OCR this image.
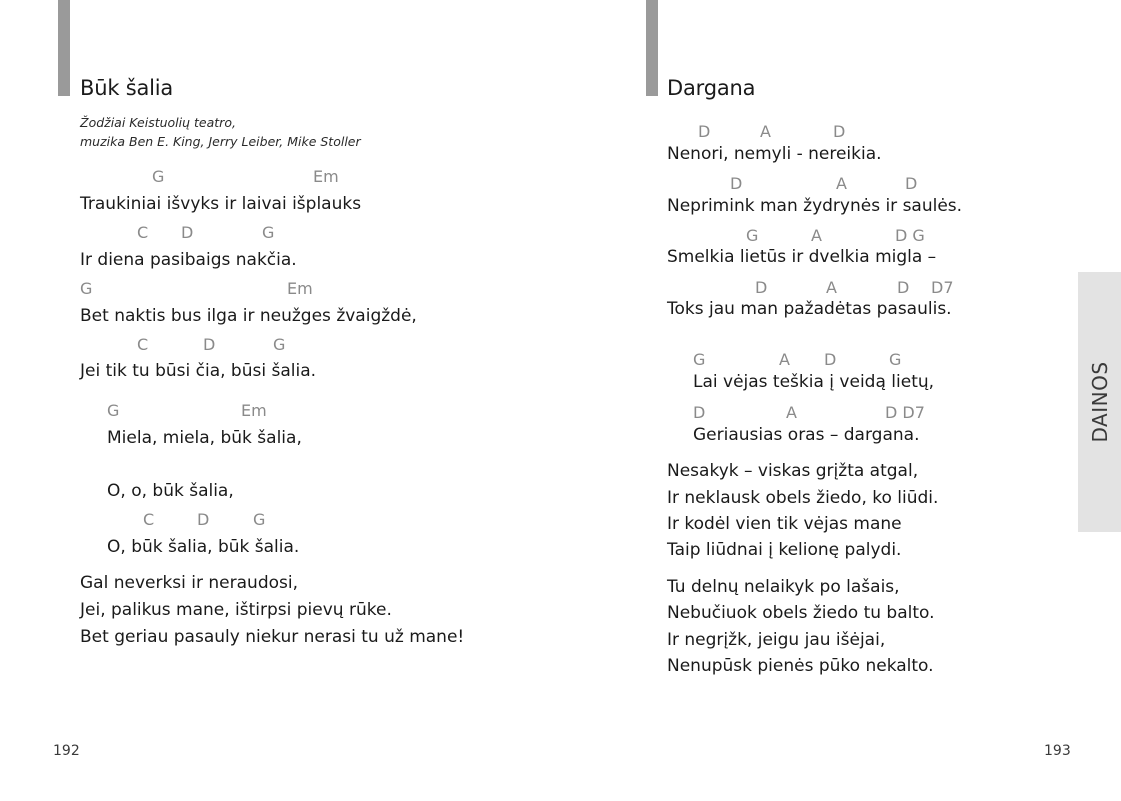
Būk šalia
Žodžiai Keistuolių teatro,
muzika Ben E. King, Jerry Leiber, Mike Stoller
G	Em
Traukiniai išvyks ir laivai išplauks
C D	G
Ir diena pasibaigs nakčia.
G	Em
Bet naktis bus ilga ir neužges žvaigždė,
C	D	G
Jei tik tu būsi čia, būsi šalia.
G	Em
Miela, miela, būk šalia,
O, o, būk šalia,
C	D	G
O, būk šalia, būk šalia.
Gal neverksi ir neraudosi,
Jei, palikus mane, ištirpsi pievų rūke.
Bet geriau pasauly niekur nerasi tu už mane!
192
Dargana
D	A	D
Nenori, nemyli - nereikia.
D	A	D
Neprimink man žydrynės ir saulės.
G	A	D G
Smelkia lietūs ir dvelkia migla –
D	A	D D7
Toks jau man pažadėtas pasaulis.
G	A D	G
Lai vėjas teškia į veidą lietų,
D	A	D D7
Geriausias oras – dargana.
Nesakyk – viskas grįžta atgal,
Ir neklausk obels žiedo, ko liūdi.
Ir kodėl vien tik vėjas mane
Taip liūdnai į kelionę palydi.
Tu delnų nelaikyk po lašais,
Nebučiuok obels žiedo tu balto.
Ir negrįžk, jeigu jau išėjai,
Nenupūsk pienės pūko nekalto.
DAINOS
193
